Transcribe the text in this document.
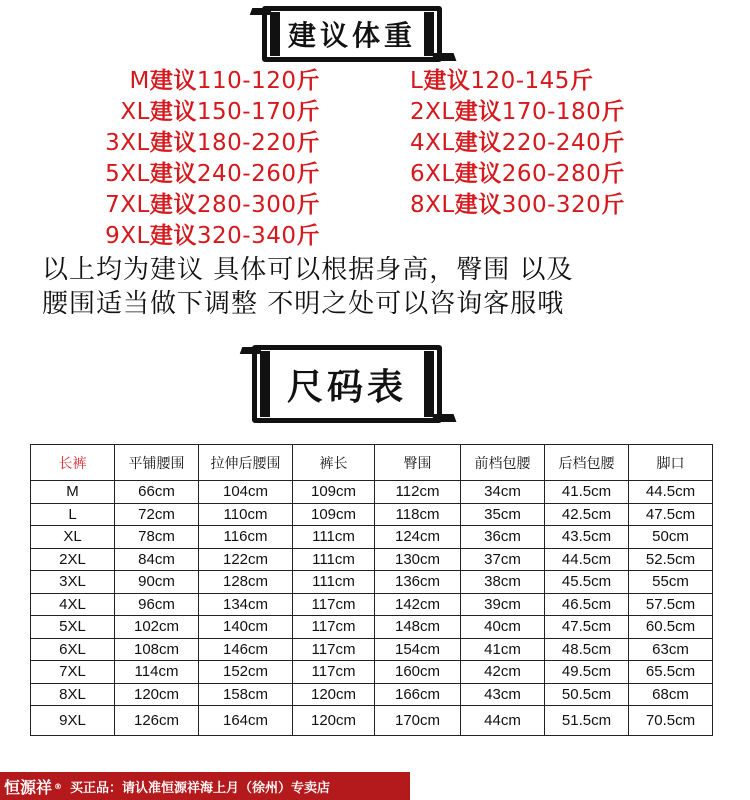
建议体重
M建议110-120斤
XL建议150-170斤
3XL建议180-220斤
5XL建议240-260斤
7XL建议280-300斤
9XL建议320-340斤
L建议120-145斤
2XL建议170-180斤
4XL建议220-240斤
6XL建议260-280斤
8XL建议300-320斤
以上均为建议 具体可以根据身高，臀围 以及
腰围适当做下调整 不明之处可以咨询客服哦
尺码表
长裤	平铺腰围	拉伸后腰围	裤长	臀围	前档包腰	后档包腰	脚口
M	66cm	104cm	109cm	112cm	34cm	41.5cm	44.5cm
L	72cm	110cm	109cm	118cm	35cm	42.5cm	47.5cm
XL	78cm	116cm	111cm	124cm	36cm	43.5cm	50cm
2XL	84cm	122cm	111cm	130cm	37cm	44.5cm	52.5cm
3XL	90cm	128cm	111cm	136cm	38cm	45.5cm	55cm
4XL	96cm	134cm	117cm	142cm	39cm	46.5cm	57.5cm
5XL	102cm	140cm	117cm	148cm	40cm	47.5cm	60.5cm
6XL	108cm	146cm	117cm	154cm	41cm	48.5cm	63cm
7XL	114cm	152cm	117cm	160cm	42cm	49.5cm	65.5cm
8XL	120cm	158cm	120cm	166cm	43cm	50.5cm	68cm
9XL	126cm	164cm	120cm	170cm	44cm	51.5cm	70.5cm
恒源祥 ® 买正品：请认准恒源祥海上月（徐州）专卖店
